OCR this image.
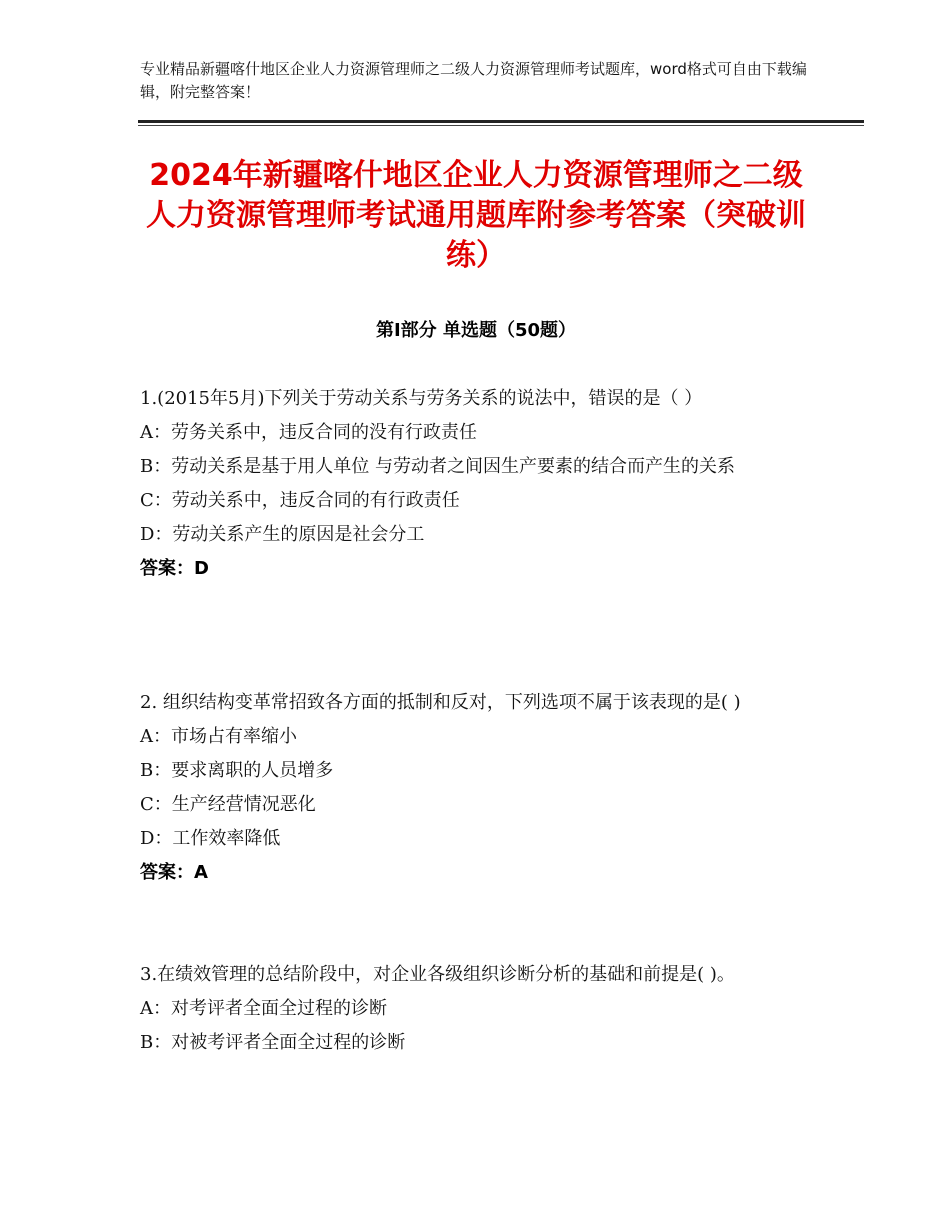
专业精品新疆喀什地区企业人力资源管理师之二级人力资源管理师考试题库，word格式可自由下载编辑，附完整答案！
2024年新疆喀什地区企业人力资源管理师之二级人力资源管理师考试通用题库附参考答案（突破训练）
第Ⅰ部分 单选题（50题）

1.(2015年5月)下列关于劳动关系与劳务关系的说法中，错误的是（ ）

A：劳务关系中，违反合同的没有行政责任

B：劳动关系是基于用人单位 与劳动者之间因生产要素的结合而产生的关系

C：劳动关系中，违反合同的有行政责任

D：劳动关系产生的原因是社会分工

答案：D

2. 组织结构变革常招致各方面的抵制和反对，下列选项不属于该表现的是( )

A：市场占有率缩小

B：要求离职的人员增多

C：生产经营情况恶化

D：工作效率降低

答案：A

3.在绩效管理的总结阶段中，对企业各级组织诊断分析的基础和前提是( )。

A：对考评者全面全过程的诊断

B：对被考评者全面全过程的诊断
